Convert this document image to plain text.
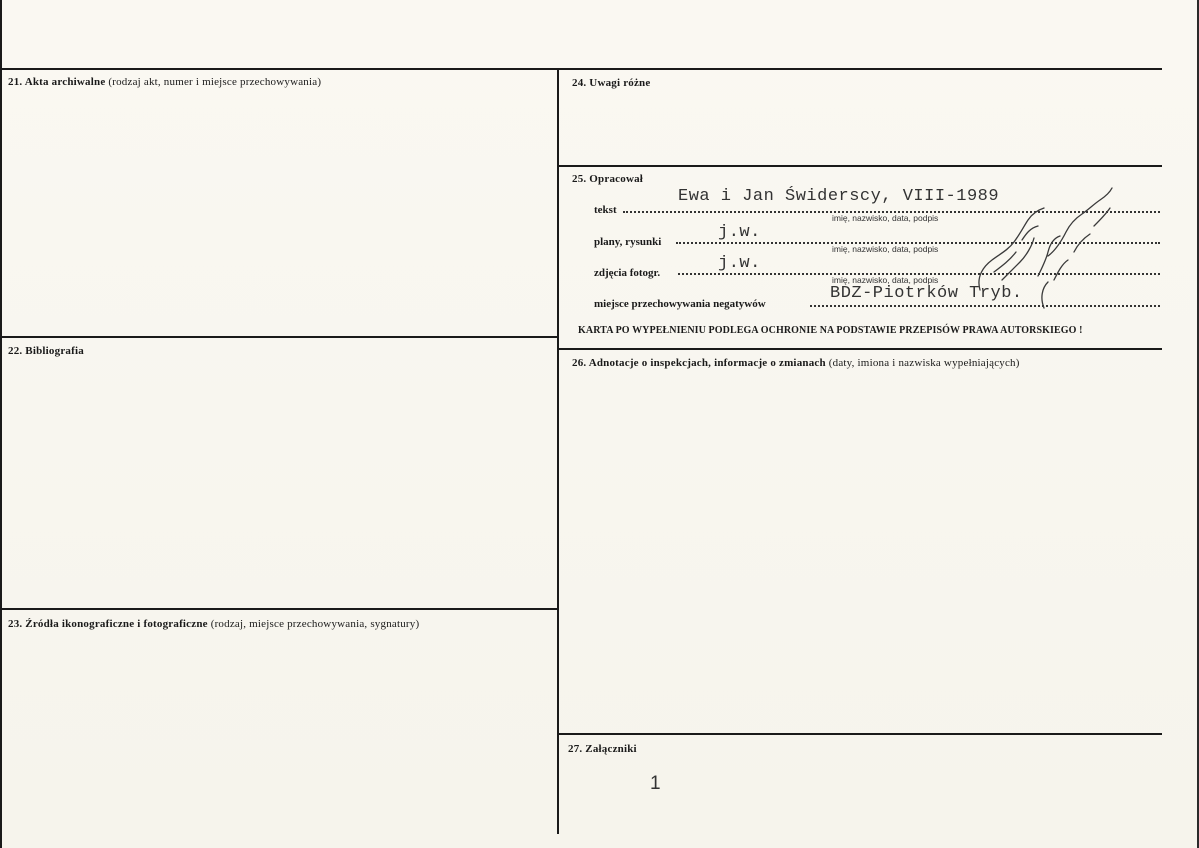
21. Akta archiwalne (rodzaj akt, numer i miejsce przechowywania)
22. Bibliografia
23. Źródła ikonograficzne i fotograficzne (rodzaj, miejsce przechowywania, sygnatury)
24. Uwagi różne
25. Opracował
tekst
Ewa i Jan Świderscy, VIII-1989
imię, nazwisko, data, podpis
plany, rysunki	j.w.
imię, nazwisko, data, podpis
zdjęcia fotogr.	j.w.
imię, nazwisko, data, podpis
miejsce przechowywania negatywów
BDZ-Piotrków Tryb.
KARTA PO WYPEŁNIENIU PODLEGA OCHRONIE NA PODSTAWIE PRZEPISÓW PRAWA AUTORSKIEGO !
26. Adnotacje o inspekcjach, informacje o zmianach (daty, imiona i nazwiska wypełniających)
27. Załączniki
1
